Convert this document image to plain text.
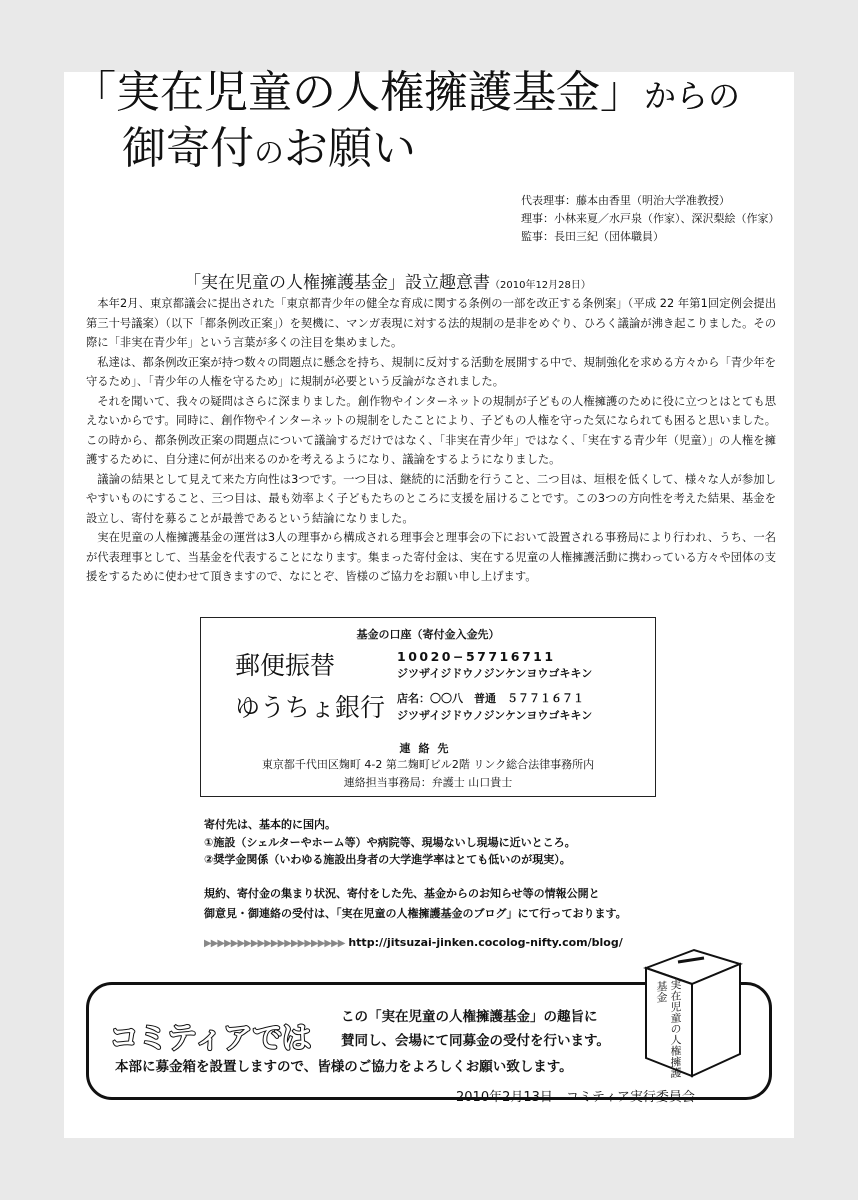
「実在児童の人権擁護基金」からの
御寄付のお願い
代表理事：藤本由香里（明治大学准教授）
理事：小林来夏／水戸泉（作家）、深沢梨絵（作家）
監事：長田三紀（団体職員）
「実在児童の人権擁護基金」設立趣意書（2010年12月28日）

本年2月、東京都議会に提出された「東京都青少年の健全な育成に関する条例の一部を改正する条例案」（平成 22 年第1回定例会提出第三十号議案）（以下「都条例改正案」）を契機に、マンガ表現に対する法的規制の是非をめぐり、ひろく議論が沸き起こりました。その際に「非実在青少年」という言葉が多くの注目を集めました。

私達は、都条例改正案が持つ数々の問題点に懸念を持ち、規制に反対する活動を展開する中で、規制強化を求める方々から「青少年を守るため」、「青少年の人権を守るため」に規制が必要という反論がなされました。

それを聞いて、我々の疑問はさらに深まりました。創作物やインターネットの規制が子どもの人権擁護のために役に立つとはとても思えないからです。同時に、創作物やインターネットの規制をしたことにより、子どもの人権を守った気になられても困ると思いました。この時から、都条例改正案の問題点について議論するだけではなく、「非実在青少年」ではなく、「実在する青少年（児童）」の人権を擁護するために、自分達に何が出来るのかを考えるようになり、議論をするようになりました。

議論の結果として見えて来た方向性は3つです。一つ目は、継続的に活動を行うこと、二つ目は、垣根を低くして、様々な人が参加しやすいものにすること、三つ目は、最も効率よく子どもたちのところに支援を届けることです。この3つの方向性を考えた結果、基金を設立し、寄付を募ることが最善であるという結論になりました。

実在児童の人権擁護基金の運営は3人の理事から構成される理事会と理事会の下において設置される事務局により行われ、うち、一名が代表理事として、当基金を代表することになります。集まった寄付金は、実在する児童の人権擁護活動に携わっている方々や団体の支援をするために使わせて頂きますので、なにとぞ、皆様のご協力をお願い申し上げます。

基金の口座（寄付金入金先）
郵便振替	10020−57716711
ジツザイジドウノジンケンヨウゴキキン
ゆうちょ銀行 店名：〇〇八　普通　５７７１６７１
ジツザイジドウノジンケンヨウゴキキン
連絡先
東京都千代田区麹町 4-2 第二麹町ビル2階 リンク総合法律事務所内
連絡担当事務局：弁護士 山口貴士
寄付先は、基本的に国内。
①施設（シェルターやホーム等）や病院等、現場ないし現場に近いところ。
②奨学金関係（いわゆる施設出身者の大学進学率はとても低いのが現実）。
規約、寄付金の集まり状況、寄付をした先、基金からのお知らせ等の情報公開と
御意見・御連絡の受付は、「実在児童の人権擁護基金のブログ」にて行っております。
▶▶▶▶▶▶▶▶▶▶▶▶▶▶▶▶▶▶▶▶▶ http://jitsuzai-jinken.cocolog-nifty.com/blog/
コミティアでは
この「実在児童の人権擁護基金」の趣旨に
賛同し、会場にて同募金の受付を行います。
本部に募金箱を設置しますので、皆様のご協力をよろしくお願い致します。
2010年2月13日　コミティア実行委員会
実在児童の人権擁護基金
